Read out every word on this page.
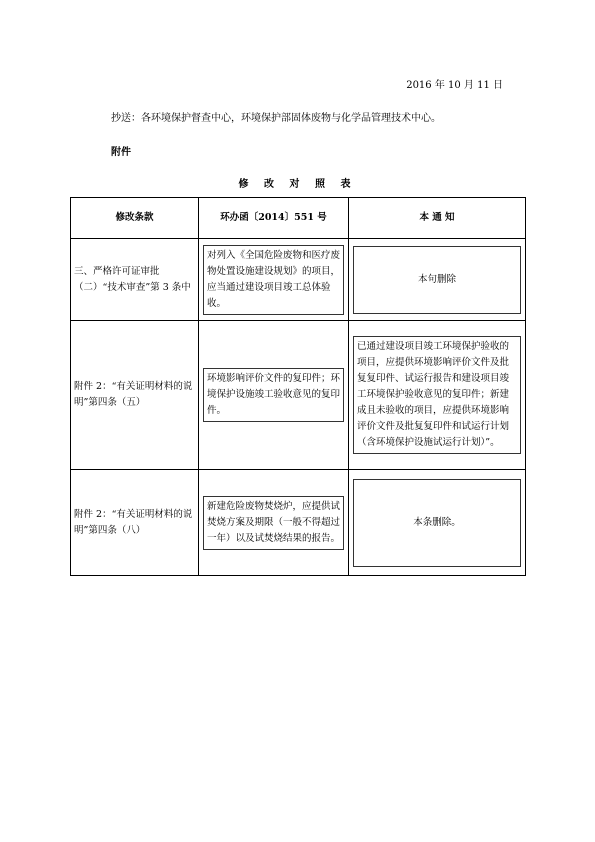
2016 年 10 月 11 日
抄送：各环境保护督查中心，环境保护部固体废物与化学品管理技术中心。
附件
修 改 对 照 表
修改条款	环办函〔2014〕551 号	本 通 知

三、严格许可证审批（二）“技术审查”第 3 条中	对列入《全国危险废物和医疗废物处置设施建设规划》的项目，应当通过建设项目竣工总体验收。	本句删除

附件 2：“有关证明材料的说明”第四条（五）	环境影响评价文件的复印件；环境保护设施竣工验收意见的复印件。	已通过建设项目竣工环境保护验收的项目，应提供环境影响评价文件及批复复印件、试运行报告和建设项目竣工环境保护验收意见的复印件；新建成且未验收的项目，应提供环境影响评价文件及批复复印件和试运行计划（含环境保护设施试运行计划）”。

附件 2：“有关证明材料的说明”第四条（八）	新建危险废物焚烧炉，应提供试焚烧方案及期限（一般不得超过一年）以及试焚烧结果的报告。	本条删除。
